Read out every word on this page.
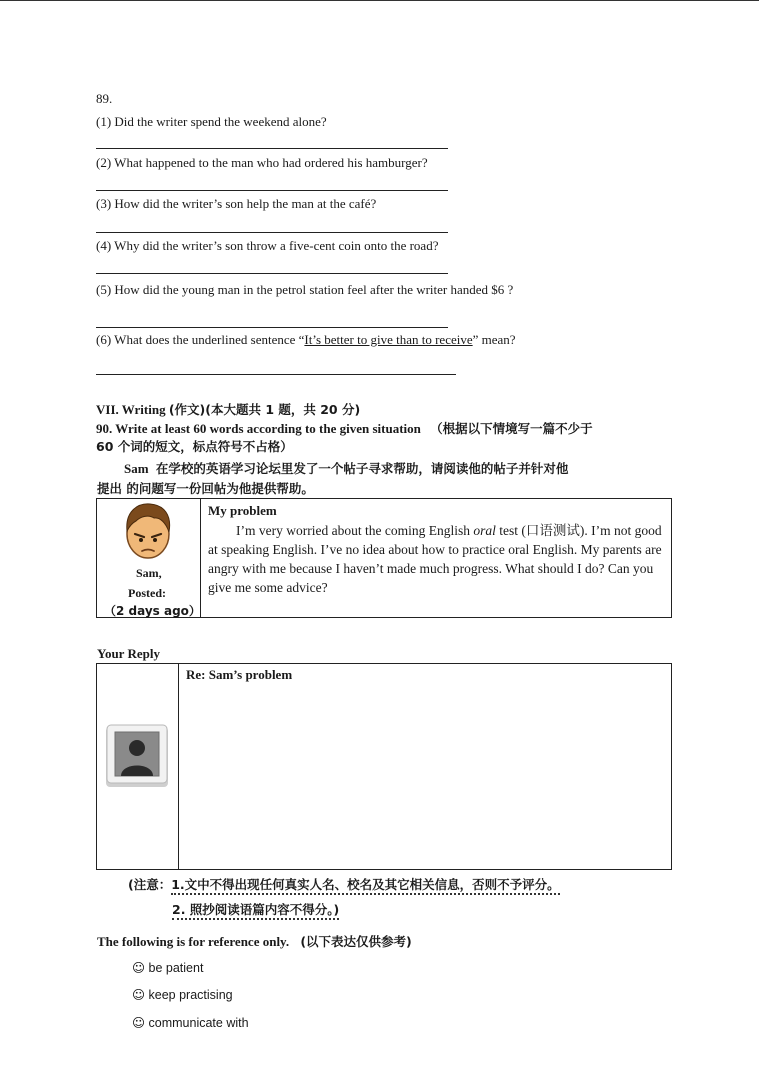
89.
(1) Did the writer spend the weekend alone?
(2) What happened to the man who had ordered his hamburger?
(3) How did the writer’s son help the man at the café?
(4) Why did the writer’s son throw a five-cent coin onto the road?
(5) How did the young man in the petrol station feel after the writer handed $6 ?
(6) What does the underlined sentence “It’s better to give than to receive” mean?
VII. Writing (作文)(本大题共 1 题，共 20 分)
90. Write at least 60 words according to the given situation （根据以下情境写一篇不少于
60 个词的短文，标点符号不占格）
Sam 在学校的英语学习论坛里发了一个帖子寻求帮助，请阅读他的帖子并针对他
提出 的问题写一份回帖为他提供帮助。
Sam,
Posted:
（2 days ago）
My problem
I’m very worried about the coming English oral test (口语测试). I’m not good at speaking English. I’ve no idea about how to practice oral English. My parents are angry with me because I haven’t made much progress. What should I do? Can you give me some advice?
Your Reply
Re: Sam’s problem
(注意：1.文中不得出现任何真实人名、校名及其它相关信息，否则不予评分。
2. 照抄阅读语篇内容不得分。)
The following is for reference only. (以下表达仅供参考)
☺ be patient
☺ keep practising
☺ communicate with
